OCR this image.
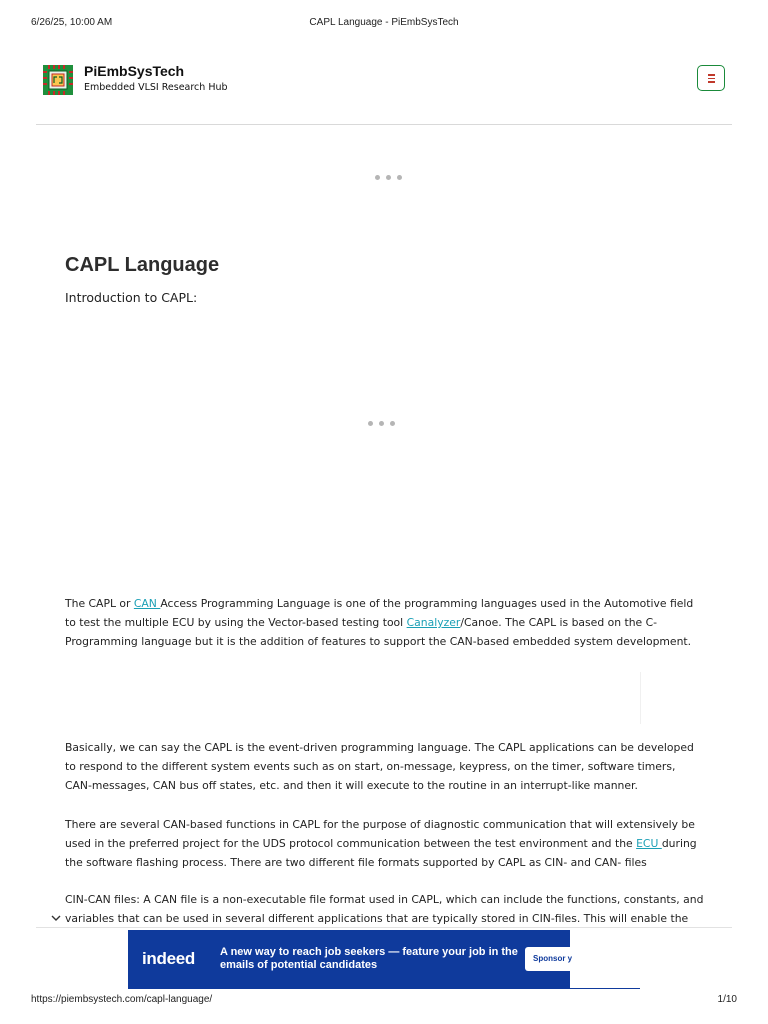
6/26/25, 10:00 AM	CAPL Language - PiEmbSysTech
PiEmbSysTech
Embedded VLSI Research Hub
CAPL Language
Introduction to CAPL:

The CAPL or CAN Access Programming Language is one of the programming languages used in the Automotive field to test the multiple ECU by using the Vector-based testing tool Canalyzer/Canoe. The CAPL is based on the C-Programming language but it is the addition of features to support the CAN-based embedded system development.

Basically, we can say the CAPL is the event-driven programming language. The CAPL applications can be developed to respond to the different system events such as on start, on-message, keypress, on the timer, software timers, CAN-messages, CAN bus off states, etc. and then it will execute to the routine in an interrupt-like manner.

There are several CAN-based functions in CAPL for the purpose of diagnostic communication that will extensively be used in the preferred project for the UDS protocol communication between the test environment and the ECU during the software flashing process. There are two different file formats supported by CAPL as CIN- and CAN- files

CIN-CAN files: A CAN file is a non-executable file format used in CAPL, which can include the functions, constants, and variables that can be used in several different applications that are typically stored in CIN-files. This will enable the

indeed A new way to reach job seekers — feature your job in the emails of potential candidates
Sponsor y
https://piembsystech.com/capl-language/	1/10
